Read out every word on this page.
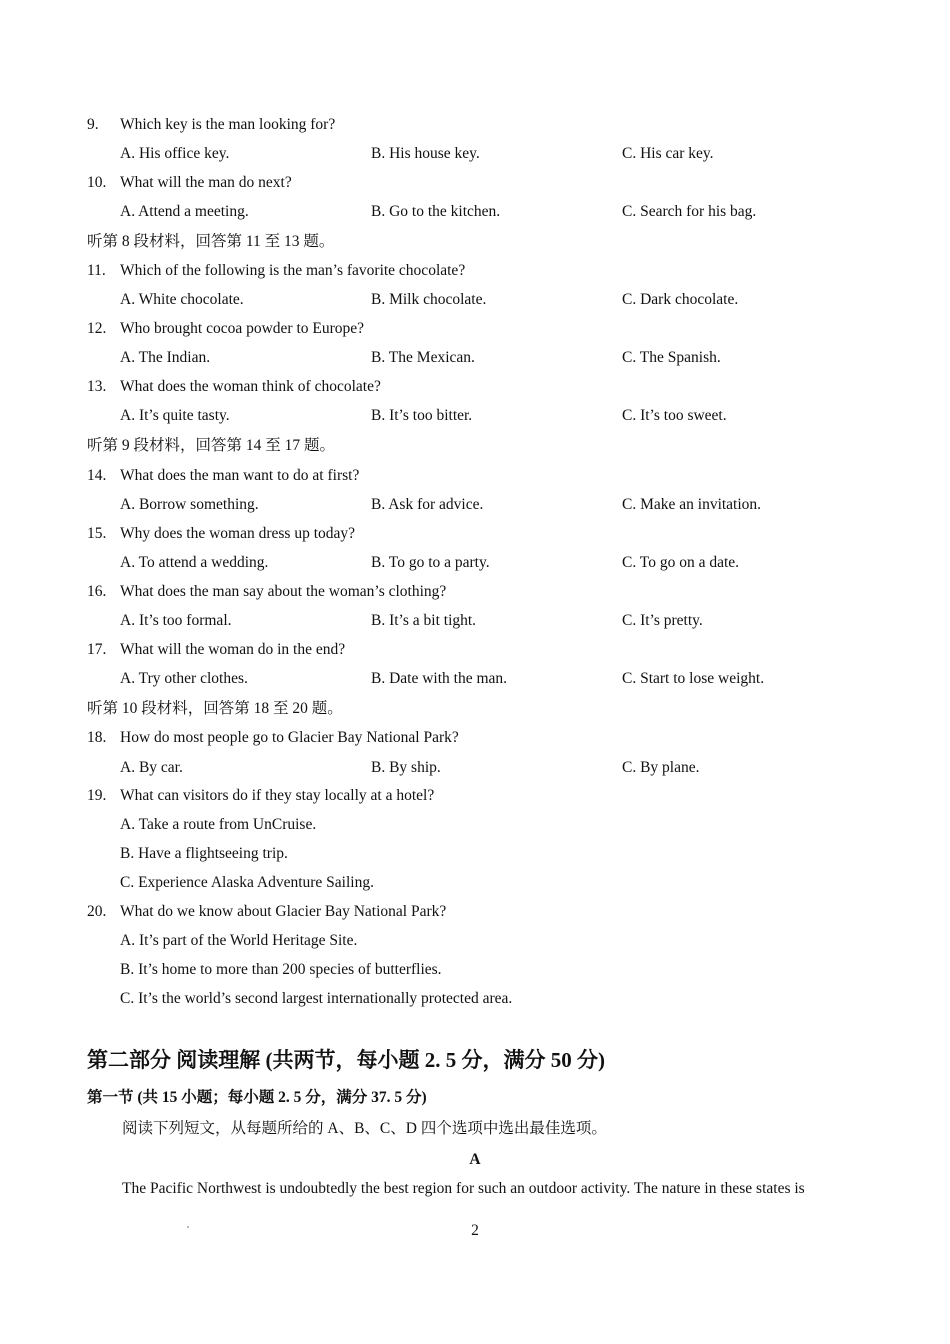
9. Which key is the man looking for?
A. His office key.	B. His house key.	C. His car key.
10. What will the man do next?
A. Attend a meeting.	B. Go to the kitchen.	C. Search for his bag.
听第 8 段材料，回答第 11 至 13 题。
11. Which of the following is the man’s favorite chocolate?
A. White chocolate.	B. Milk chocolate.	C. Dark chocolate.
12. Who brought cocoa powder to Europe?
A. The Indian.	B. The Mexican.	C. The Spanish.
13. What does the woman think of chocolate?
A. It’s quite tasty.	B. It’s too bitter.	C. It’s too sweet.
听第 9 段材料，回答第 14 至 17 题。
14. What does the man want to do at first?
A. Borrow something.	B. Ask for advice.	C. Make an invitation.
15. Why does the woman dress up today?
A. To attend a wedding.	B. To go to a party.	C. To go on a date.
16. What does the man say about the woman’s clothing?
A. It’s too formal.	B. It’s a bit tight.	C. It’s pretty.
17. What will the woman do in the end?
A. Try other clothes.	B. Date with the man.	C. Start to lose weight.
听第 10 段材料，回答第 18 至 20 题。
18. How do most people go to Glacier Bay National Park?
A. By car.	B. By ship.	C. By plane.
19. What can visitors do if they stay locally at a hotel?
A. Take a route from UnCruise.
B. Have a flightseeing trip.
C. Experience Alaska Adventure Sailing.
20. What do we know about Glacier Bay National Park?
A. It’s part of the World Heritage Site.
B. It’s home to more than 200 species of butterflies.
C. It’s the world’s second largest internationally protected area.
第二部分 阅读理解 (共两节，每小题 2. 5 分，满分 50 分)
第一节 (共 15 小题；每小题 2. 5 分，满分 37. 5 分)
阅读下列短文，从每题所给的 A、B、C、D 四个选项中选出最佳选项。
A
The Pacific Northwest is undoubtedly the best region for such an outdoor activity. The nature in these states is
2
